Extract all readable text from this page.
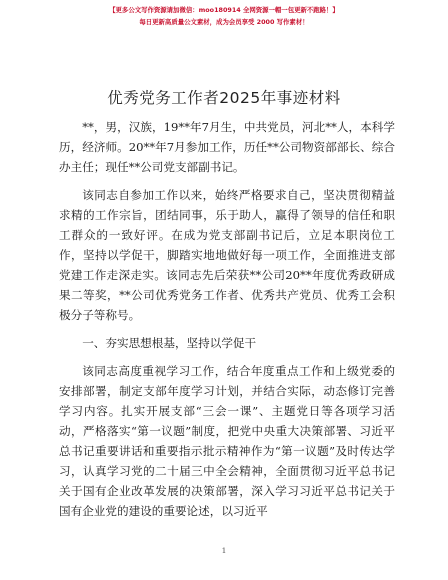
【更多公文写作资源请加微信：moo180914 全网资源一帽一包更新不跑路！】
每日更新高质量公文素材，成为会员享受 2000 写作素材！
优秀党务工作者2025年事迹材料

**，男，汉族，19**年7月生，中共党员，河北**人，本科学历，经济师。20**年7月参加工作，历任**公司物资部部长、综合办主任；现任**公司党支部副书记。

该同志自参加工作以来，始终严格要求自己，坚决贯彻精益求精的工作宗旨，团结同事，乐于助人，赢得了领导的信任和职工群众的一致好评。在成为党支部副书记后，立足本职岗位工作，坚持以学促干，脚踏实地地做好每一项工作，全面推进支部党建工作走深走实。该同志先后荣获**公司20**年度优秀政研成果二等奖，**公司优秀党务工作者、优秀共产党员、优秀工会积极分子等称号。

一、夯实思想根基，坚持以学促干

该同志高度重视学习工作，结合年度重点工作和上级党委的安排部署，制定支部年度学习计划，并结合实际，动态修订完善学习内容。扎实开展支部“三会一课”、主题党日等各项学习活动，严格落实“第一议题”制度，把党中央重大决策部署、习近平总书记重要讲话和重要指示批示精神作为“第一议题”及时传达学习，认真学习党的二十届三中全会精神，全面贯彻习近平总书记关于国有企业改革发展的决策部署，深入学习习近平总书记关于国有企业党的建设的重要论述，以习近平

1
